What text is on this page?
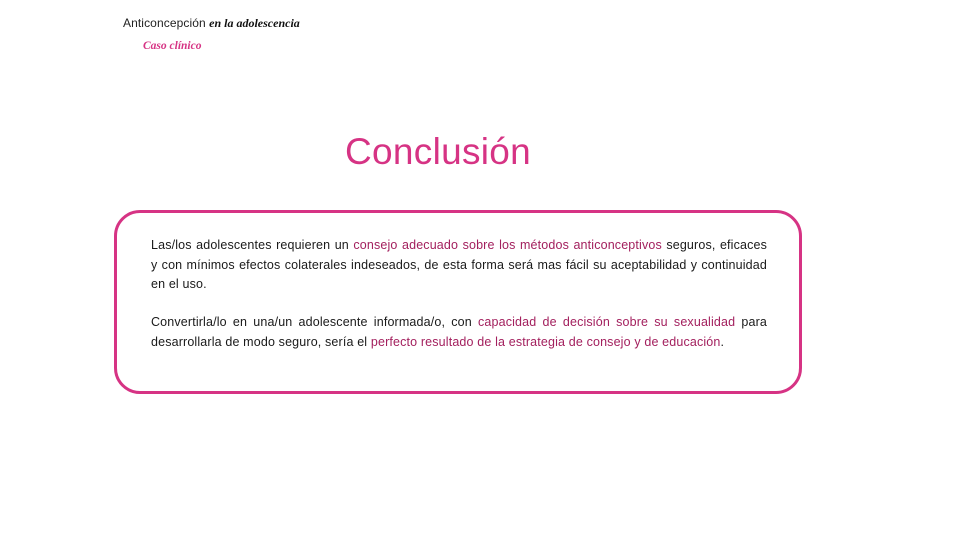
Anticoncepción en la adolescencia
Caso clínico
Conclusión

Las/los adolescentes requieren un consejo adecuado sobre los métodos anticonceptivos seguros, eficaces y con mínimos efectos colaterales indeseados, de esta forma será mas fácil su aceptabilidad y continuidad en el uso.

Convertirla/lo en una/un adolescente informada/o, con capacidad de decisión sobre su sexualidad para desarrollarla de modo seguro, sería el perfecto resultado de la estrategia de consejo y de educación.
